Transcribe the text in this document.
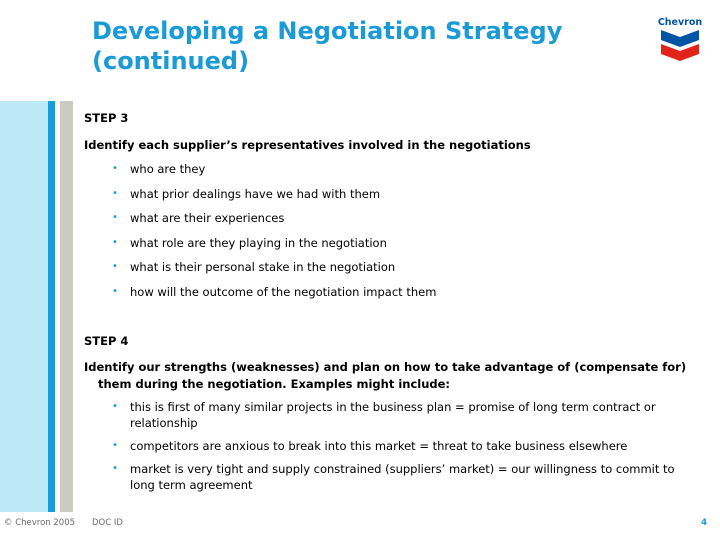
Developing a Negotiation Strategy
(continued)
Chevron

STEP 3

Identify each supplier’s representatives involved in the negotiations

• who are they
• what prior dealings have we had with them
• what are their experiences
• what role are they playing in the negotiation
• what is their personal stake in the negotiation
• how will the outcome of the negotiation impact them

STEP 4

Identify our strengths (weaknesses) and plan on how to take advantage of (compensate for) them during the negotiation. Examples might include:

• this is first of many similar projects in the business plan = promise of long term contract or relationship
• competitors are anxious to break into this market = threat to take business elsewhere
• market is very tight and supply constrained (suppliers’ market) = our willingness to commit to long term agreement
© Chevron 2005 DOC ID	4
